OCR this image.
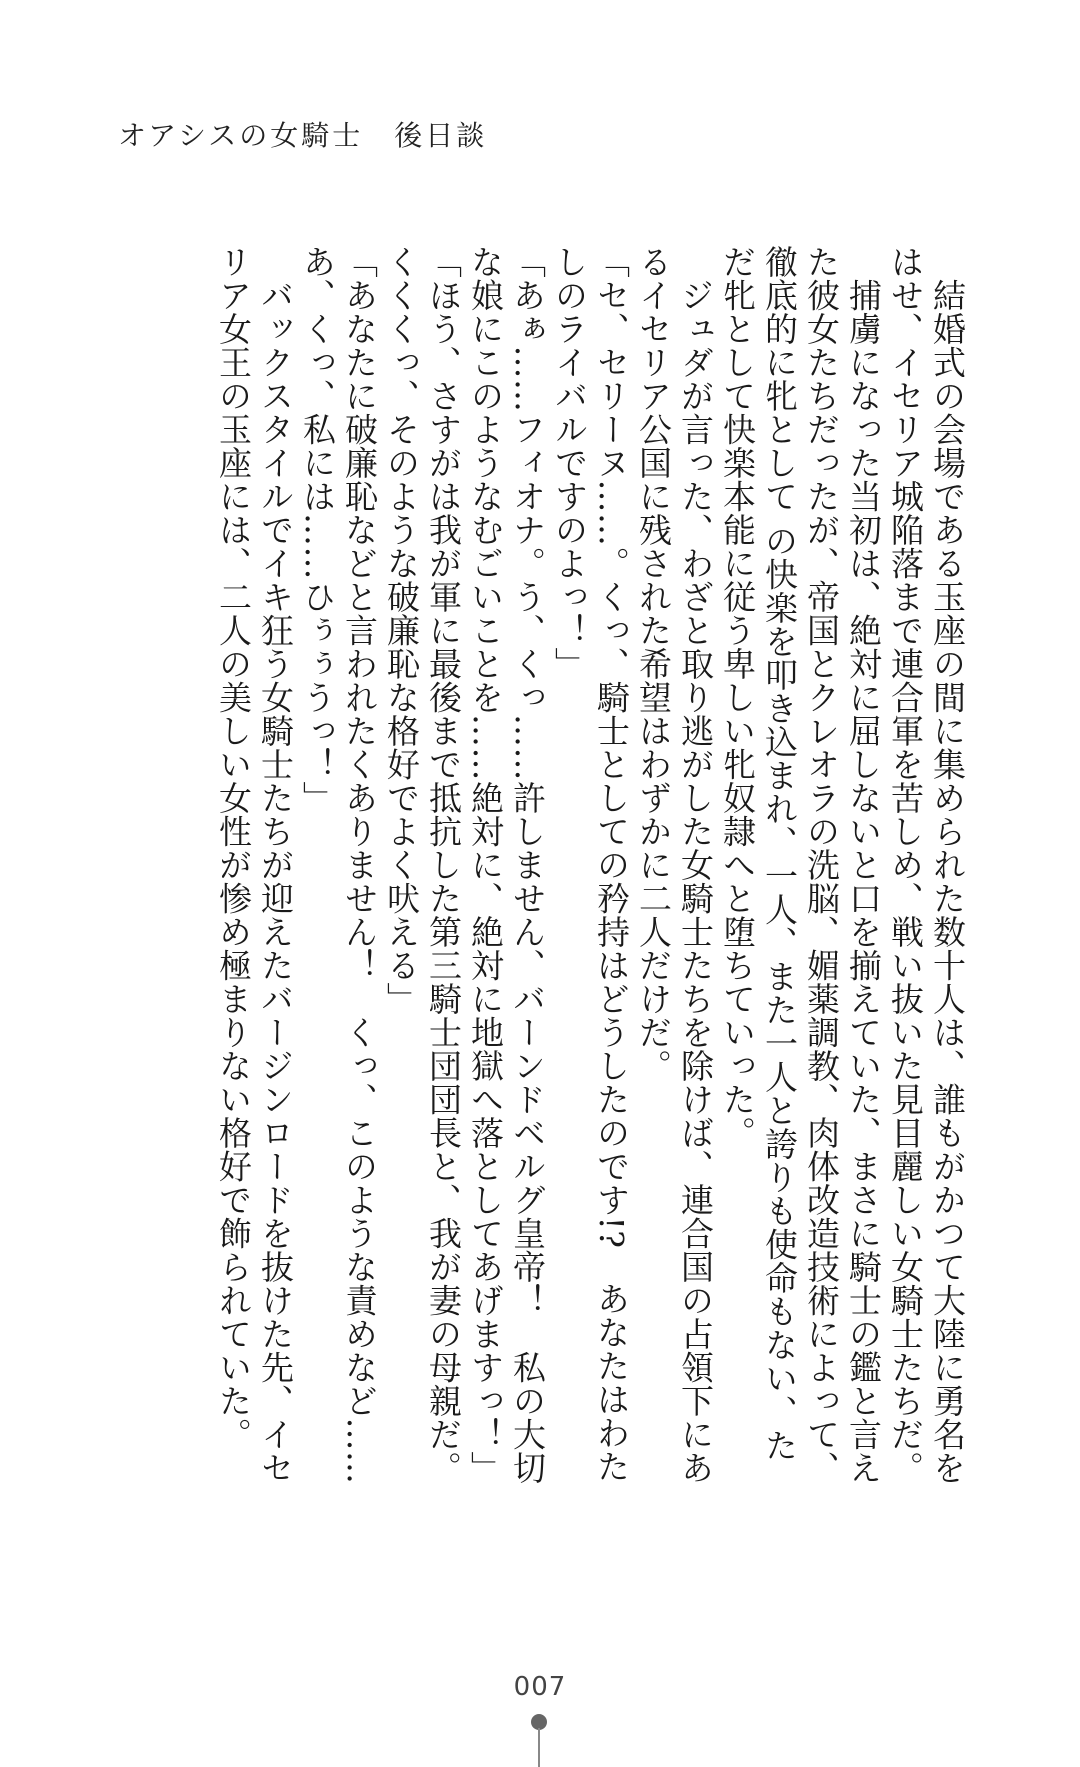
オアシスの女騎士　後日談

　結婚式の会場である玉座の間に集められた数十人は、誰もがかつて大陸に勇名をはせ、イセリア城陥落まで連合軍を苦しめ、戦い抜いた見目麗しい女騎士たちだ。

　捕虜になった当初は、絶対に屈しないと口を揃えていた、まさに騎士の鑑と言えた彼女たちだったが、帝国とクレオラの洗脳、媚薬調教、肉体改造技術によって、徹底的に牝として の快楽を叩き込まれ、一人、また一人と誇りも使命もない、ただ牝として快楽本能に従う卑しい牝奴隷へと堕ちていった。

　ジュダが言った、わざと取り逃がした女騎士たちを除けば、連合国の占領下にあるイセリア公国に残された希望はわずかに二人だけだ。

「セ、セリーヌ……。くっ、騎士としての矜持はどうしたのです!?　あなたはわたしのライバルですのよっ！」

「あぁ……フィオナ。う、くっ……許しません、バーンドベルグ皇帝！　私の大切な娘にこのようなむごいことを……絶対に、絶対に地獄へ落としてあげますっ！」

「ほう、さすがは我が軍に最後まで抵抗した第三騎士団団長と、我が妻の母親だ。くくくっ、そのような破廉恥な格好でよく吠える」

「あなたに破廉恥などと言われたくありません！　くっ、このような責めなど……あ、くっ、私には……ひぅぅうっ！」

　バックスタイルでイキ狂う女騎士たちが迎えたバージンロードを抜けた先、イセリア女王の玉座には、二人の美しい女性が惨め極まりない格好で飾られていた。

007
